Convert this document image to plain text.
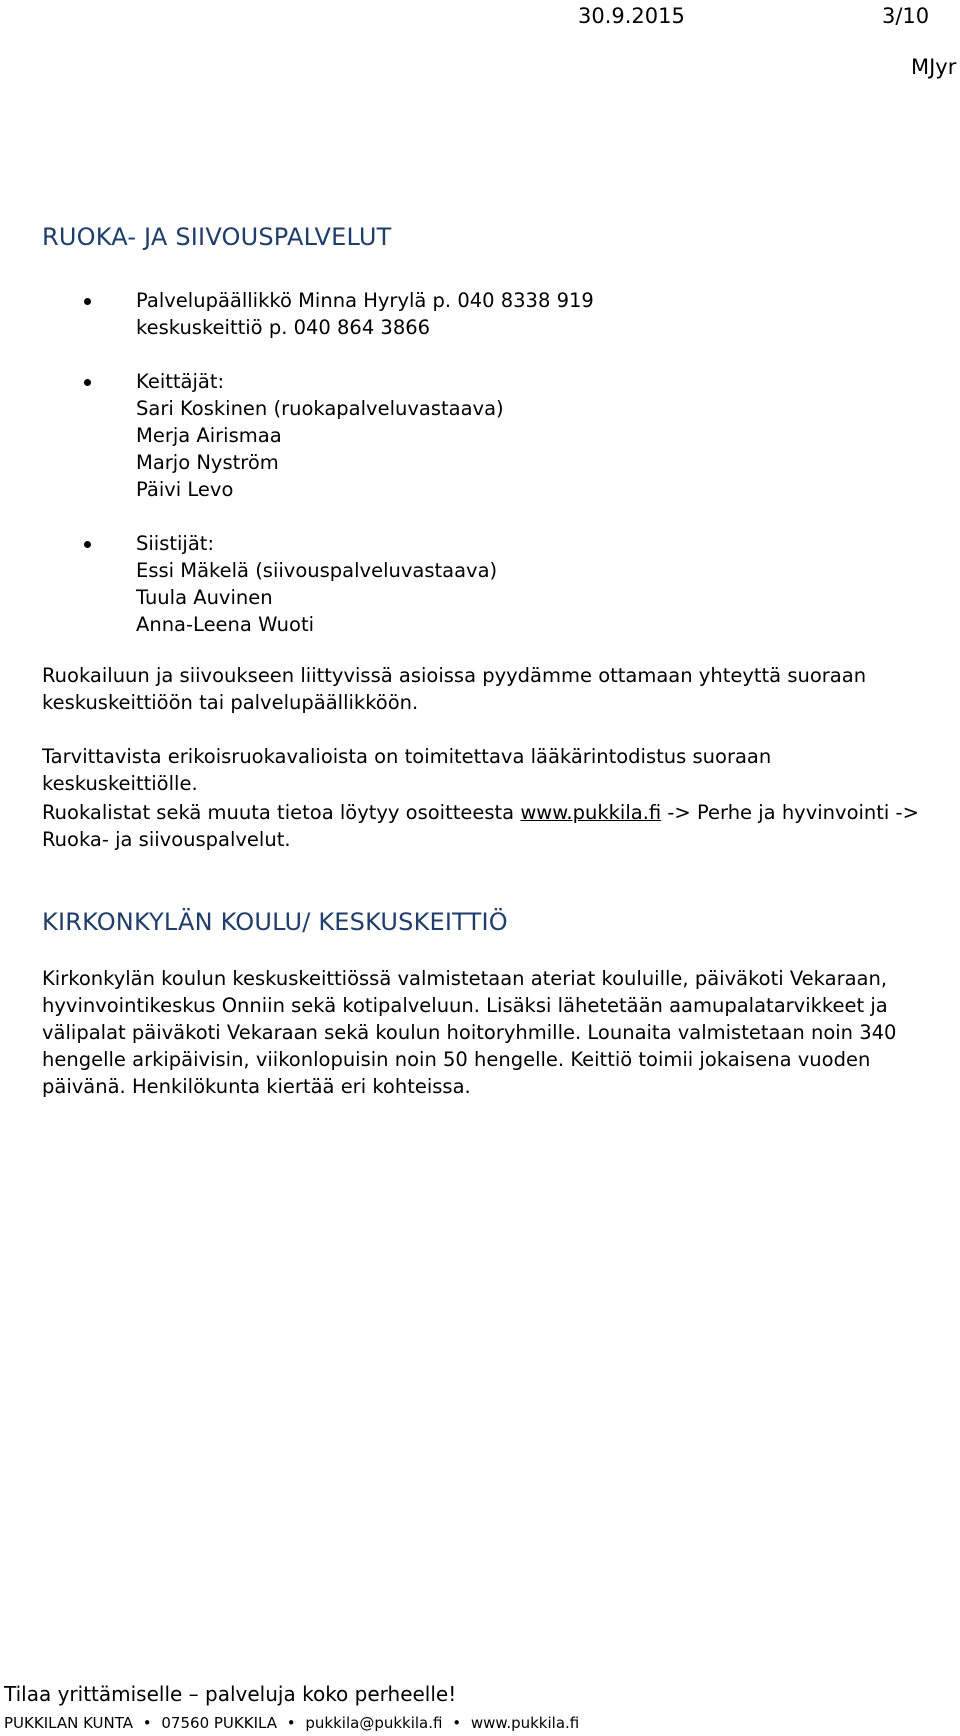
30.9.2015	3/10
MJyr
RUOKA- JA SIIVOUSPALVELUT
Palvelupäällikkö Minna Hyrylä p. 040 8338 919
keskuskeittiö p. 040 864 3866
Keittäjät:
Sari Koskinen (ruokapalveluvastaava)
Merja Airismaa
Marjo Nyström
Päivi Levo
Siistijät:
Essi Mäkelä (siivouspalveluvastaava)
Tuula Auvinen
Anna-Leena Wuoti

Ruokailuun ja siivoukseen liittyvissä asioissa pyydämme ottamaan yhteyttä suoraan keskuskeittiöön tai palvelupäällikköön.

Tarvittavista erikoisruokavalioista on toimitettava lääkärintodistus suoraan keskuskeittiölle.

Ruokalistat sekä muuta tietoa löytyy osoitteesta www.pukkila.fi -> Perhe ja hyvinvointi -> Ruoka- ja siivouspalvelut.

KIRKONKYLÄN KOULU/ KESKUSKEITTIÖ

Kirkonkylän koulun keskuskeittiössä valmistetaan ateriat kouluille, päiväkoti Vekaraan, hyvinvointikeskus Onniin sekä kotipalveluun. Lisäksi lähetetään aamupalatarvikkeet ja välipalat päiväkoti Vekaraan sekä koulun hoitoryhmille. Lounaita valmistetaan noin 340 hengelle arkipäivisin, viikonlopuisin noin 50 hengelle. Keittiö toimii jokaisena vuoden päivänä. Henkilökunta kiertää eri kohteissa.

Tilaa yrittämiselle – palveluja koko perheelle!
PUKKILAN KUNTA • 07560 PUKKILA • pukkila@pukkila.fi • www.pukkila.fi
